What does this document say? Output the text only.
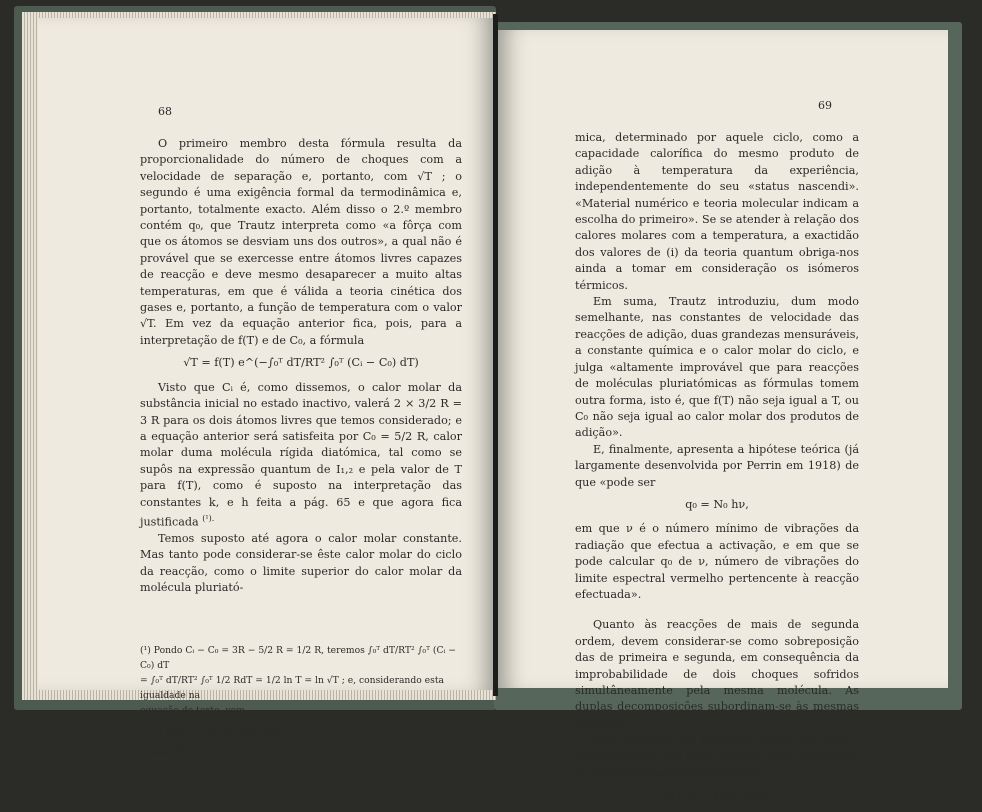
68

O primeiro membro desta fórmula resulta da proporcionalidade do número de choques com a velocidade de separação e, portanto, com √T ; o segundo é uma exigência formal da termodinâmica e, portanto, totalmente exacto. Além disso o 2.º membro contém q₀, que Trautz interpreta como «a fôrça com que os átomos se desviam uns dos outros», a qual não é provável que se exercesse entre átomos livres capazes de reacção e deve mesmo desaparecer a muito altas temperaturas, em que é válida a teoria cinética dos gases e, portanto, a função de temperatura com o valor √T. Em vez da equação anterior fica, pois, para a interpretação de f(T) e de C₀, a fórmula

√T = f(T) e^(−∫₀ᵀ dT/RT² ∫₀ᵀ (Cᵢ − C₀) dT)

Visto que Cᵢ é, como dissemos, o calor molar da substância inicial no estado inactivo, valerá 2 × 3/2 R = 3 R para os dois átomos livres que temos considerado; e a equação anterior será satisfeita por C₀ = 5/2 R, calor molar duma molécula rígida diatómica, tal como se supôs na expressão quantum de I₁,₂ e pela valor de T para f(T), como é suposto na interpretação das constantes k, e h feita a pág. 65 e que agora fica justificada $^{(^1).}$

Temos suposto até agora o calor molar constante. Mas tanto pode considerar-se êste calor molar do ciclo da reacção, como o limite superior do calor molar da molécula pluriató-

(¹) Pondo Cᵢ − C₀ = 3R − 5/2 R = 1/2 R, teremos ∫₀ᵀ dT/RT² ∫₀ᵀ (Cᵢ − C₀) dT

= ∫₀ᵀ dT/RT² ∫₀ᵀ 1/2 RdT = 1/2 ln T = ln √T ; e, considerando esta igualdade na

equação do texto, vem

√T = f(T) e^(−ln √T) = f(T)/√T ,

donde f(T) = T.

69

mica, determinado por aquele ciclo, como a capacidade calorífica do mesmo produto de adição à temperatura da experiência, independentemente do seu «status nascendi». «Material numérico e teoria molecular indicam a escolha do primeiro». Se se atender à relação dos calores molares com a temperatura, a exactidão dos valores de (i) da teoria quantum obriga-nos ainda a tomar em consideração os isómeros térmicos.

Em suma, Trautz introduziu, dum modo semelhante, nas constantes de velocidade das reacções de adição, duas grandezas mensuráveis, a constante química e o calor molar do ciclo, e julga «altamente improvável que para reacções de moléculas pluriatómicas as fórmulas tomem outra forma, isto é, que f(T) não seja igual a T, ou C₀ não seja igual ao calor molar dos produtos de adição».

E, finalmente, apresenta a hipótese teórica (já largamente desenvolvida por Perrin em 1918) de que «pode ser

q₀ = N₀ hν,

em que ν é o número mínimo de vibrações da radiação que efectua a activação, e em que se pode calcular q₀ de ν, número de vibrações do limite espectral vermelho pertencente à reacção efectuada».

Quanto às reacções de mais de segunda ordem, devem considerar-se como sobreposição das de primeira e segunda, em consequência da improbabilidade de dois choques sofridos simultâneamente pela mesma molécula. As duplas decomposições subordinam-se às mesmas fórmulas.

Para reacções de primeira ordem, em que a decomposição não é em átomos, deve substituir-se a fórmula dada anteriormente,

f(T) k₁ = kT/h (s/d)².
